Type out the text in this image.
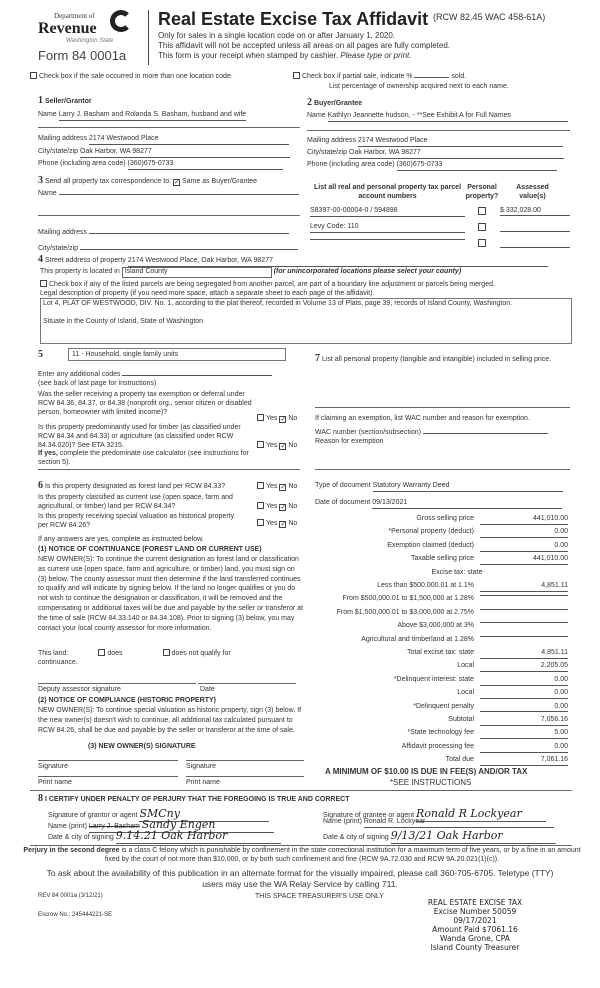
Department of
Revenue
Washington State
Form 84 0001a
Real Estate Excise Tax Affidavit (RCW 82.45 WAC 458-61A)
Only for sales in a single location code on or after January 1, 2020.
This affidavit will not be accepted unless all areas on all pages are fully completed.
This form is your receipt when stamped by cashier. Please type or print.
Check box if the sale occurred in more than one location code.	Check box if partial sale, indicate %	sold.
List percentage of ownership acquired next to each name.
1 Seller/Grantor
Name Larry J. Basham and Rolanda S. Basham, husband and wife
Mailing address 2174 Westwood Place
City/state/zip Oak Harbor, WA 98277
Phone (including area code) (360)675-0733
2 Buyer/Grantee
Name Kathlyn Jeannette hudson, - **See Exhibit A for Full Names
Mailing address 2174 Westwood Place
City/state/zip Oak Harbor, WA 98277
Phone (including area code) (360)675-0733
3 Send all property tax correspondence to: ✓ Same as Buyer/Grantee
Name
Mailing address
City/state/zip
List all real and personal property tax parcel account numbers
Personal property?
Assessed value(s)
S8397-00-00004-0 / 594898	$ 332,028.00
Levy Code: 110
4 Street address of property 2174 Westwood Place, Oak Harbor, WA 98277
This property is located in Island County	(for unincorporated locations please select your county)
Check box if any of the listed parcels are being segregated from another parcel, are part of a boundary line adjustment or parcels being merged.
Legal description of property (if you need more space, attach a separate sheet to each page of the affidavit).
Lot 4, PLAT OF WESTWOOD, DIV. No. 1, according to the plat thereof, recorded in Volume 13 of Plats, page 39, records of Island County, Washington.

Situate in the County of Island, State of Washington
5	11 - Household, single family units
Enter any additional codes
(see back of last page for instructions)
Was the seller receiving a property tax exemption or deferral under RCW 84.36, 84.37, or 84.38 (nonprofit org., senior citizen or disabled person, homeowner with limited income)?
Yes ✓ No
Is this property predominantly used for timber (as classified under RCW 84.34 and 84.33) or agriculture (as classified under RCW 84.34.020)? See ETA 3215.	Yes ✓ No
If yes, complete the predominate use calculator (see instructions for section 5).
7 List all personal property (tangible and intangible) included in selling price.
If claiming an exemption, list WAC number and reason for exemption.
WAC number (section/subsection)
Reason for exemption
Type of document Statutory Warranty Deed
Date of document 09/13/2021
6 Is this property designated as forest land per RCW 84.33?	Yes ✓ No
Is this property classified as current use (open space, farm and agricultural, or timber) land per RCW 84.34?	Yes ✓ No
Is this property receiving special valuation as historical property per RCW 84.26?	Yes ✓ No
If any answers are yes, complete as instructed below.
(1) NOTICE OF CONTINUANCE (FOREST LAND OR CURRENT USE)
NEW OWNER(S): To continue the current designation as forest land or classification as current use (open space, farm and agriculture, or timber) land, you must sign on (3) below. The county assessor must then determine if the land transferred continues to qualify and will indicate by signing below. If the land no longer qualifies or you do not wish to continue the designation or classification, it will be removed and the compensating or additional taxes will be due and payable by the seller or transferor at the time of sale (RCW 84.33.140 or 84.34.108). Prior to signing (3) below, you may contact your local county assessor for more information.
This land:	does	does not qualify for
continuance.
Deputy assessor signature	Date
(2) NOTICE OF COMPLIANCE (HISTORIC PROPERTY)
NEW OWNER(S): To continue special valuation as historic property, sign (3) below. If the new owner(s) doesn't wish to continue, all additional tax calculated pursuant to RCW 84.26, shall be due and payable by the seller or transferor at the time of sale.
(3) NEW OWNER(S) SIGNATURE
Signature	Signature
Print name	Print name
Gross selling price	441,010.00
*Personal property (deduct)	0.00
Exemption claimed (deduct)	0.00
Taxable selling price	441,010.00
Excise tax: state
Less than $500,000.01 at 1.1%	4,851.11
From $500,000.01 to $1,500,000 at 1.28%
From $1,500,000.01 to $3,000,000 at 2.75%
Above $3,000,000 at 3%
Agricultural and timberland at 1.28%
Total excise tax: state	4,851.11
Local	2,205.05
*Delinquent interest: state	0.00
Local	0.00
*Delinquent penalty	0.00
Subtotal	7,056.16
*State technology fee	5.00
Affidavit processing fee	0.00
Total due	7,061.16
A MINIMUM OF $10.00 IS DUE IN FEE(S) AND/OR TAX
*SEE INSTRUCTIONS
8 I CERTIFY UNDER PENALTY OF PERJURY THAT THE FOREGOING IS TRUE AND CORRECT
Signature of grantor or agent SMCny
Name (print) Larry J. Basham Sandy Engen
Date & city of signing 9.14.21 Oak Harbor
Signature of grantee or agent Ronald R Lockyear
Name (print) Ronald R. Lockyear
Date & city of signing 9/13/21 Oak Harbor
Perjury in the second degree is a class C felony which is punishable by confinement in the state correctional institution for a maximum term of five years, or by a fine in an amount fixed by the court of not more than $10,000, or by both such confinement and fine (RCW 9A.72.030 and RCW 9A.20.021(1)(c)).
To ask about the availability of this publication in an alternate format for the visually impaired, please call 360-705-6705. Teletype (TTY) users may use the WA Relay Service by calling 711.
REV 84 0001a (3/12/21)	THIS SPACE TREASURER'S USE ONLY
Escrow No.: 245444221-SE
REAL ESTATE EXCISE TAX
Excise Number 50059
09/17/2021
Amount Paid $7061.16
Wanda Grone, CPA
Island County Treasurer
